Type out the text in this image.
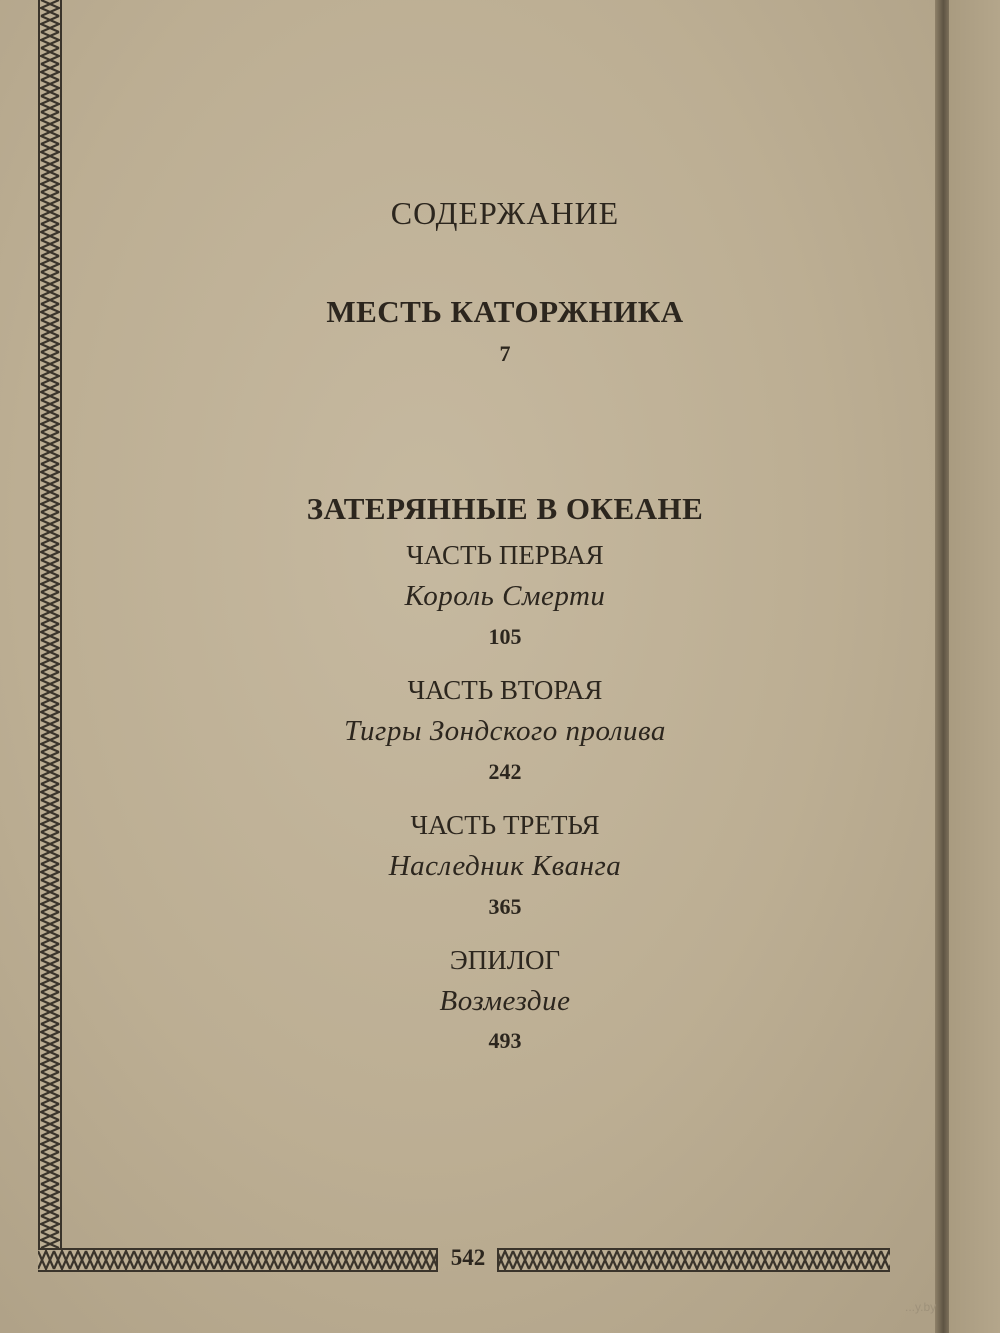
СОДЕРЖАНИЕ
МЕСТЬ КАТОРЖНИКА
7
ЗАТЕРЯННЫЕ В ОКЕАНЕ
ЧАСТЬ ПЕРВАЯ
Король Смерти
105
ЧАСТЬ ВТОРАЯ
Тигры Зондского пролива
242
ЧАСТЬ ТРЕТЬЯ
Наследник Кванга
365
ЭПИЛОГ
Возмездие
493
542
...y.by
